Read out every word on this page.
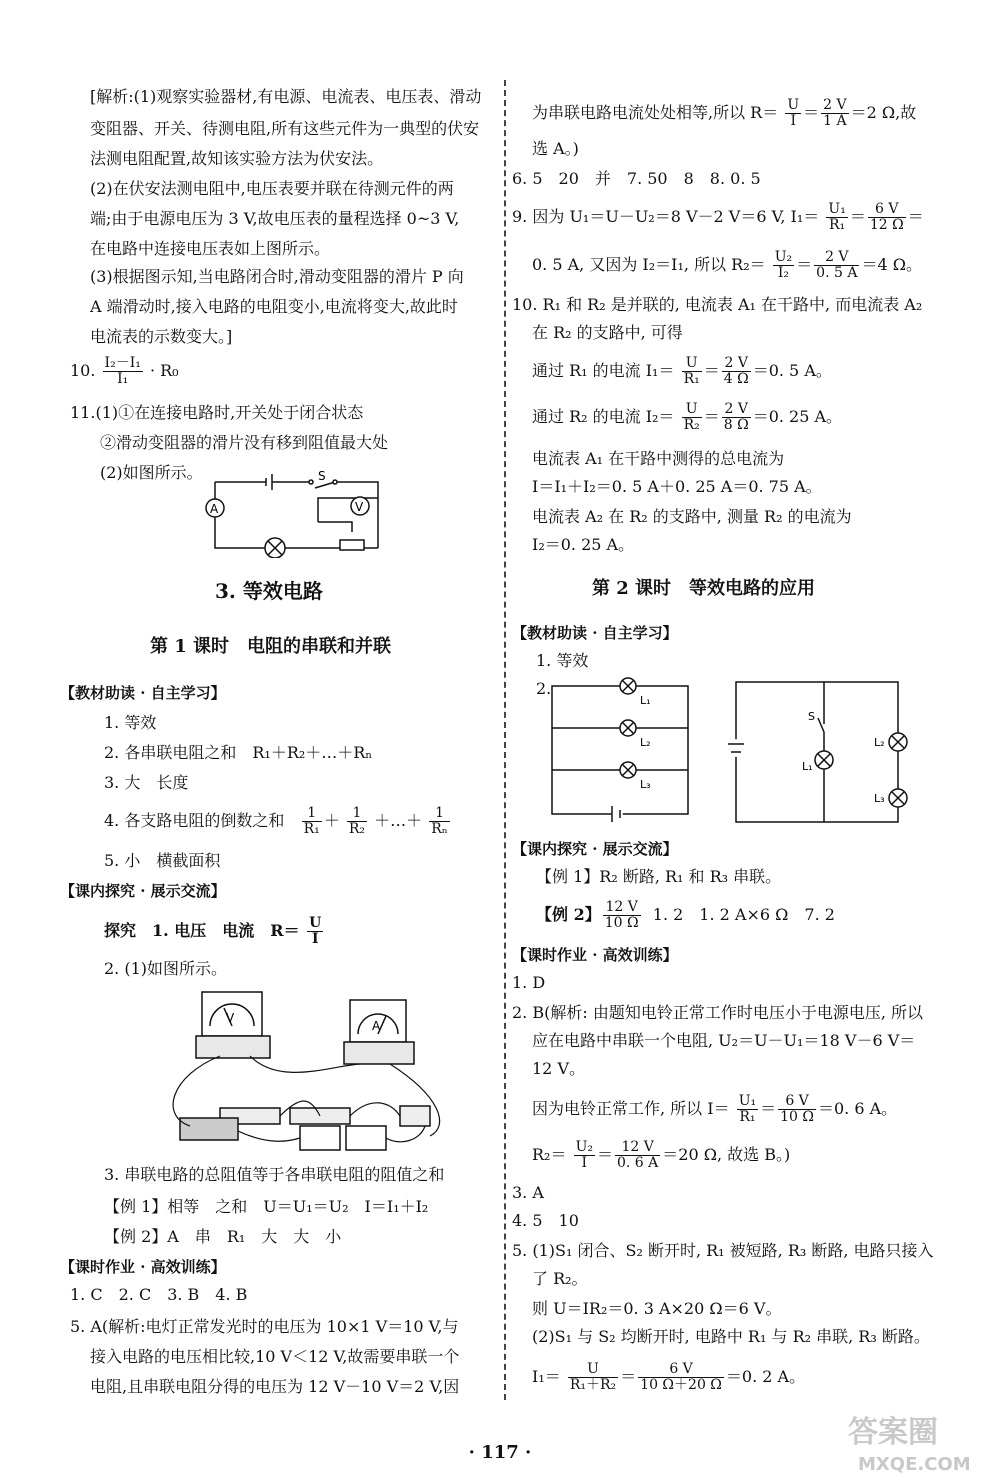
[解析:(1)观察实验器材,有电源、电流表、电压表、滑动
变阻器、开关、待测电阻,所有这些元件为一典型的伏安
法测电阻配置,故知该实验方法为伏安法。
(2)在伏安法测电阻中,电压表要并联在待测元件的两
端;由于电源电压为 3 V,故电压表的量程选择 0~3 V,
在电路中连接电压表如上图所示。
(3)根据图示知,当电路闭合时,滑动变阻器的滑片 P 向
A 端滑动时,接入电路的电阻变小,电流将变大,故此时
电流表的示数变大。]
10. $\frac{\text{I₂－I₁}}{\text{I₁}} \cdot R_0$
11.(1)①在连接电路时,开关处于闭合状态
②滑动变阻器的滑片没有移到阻值最大处
(2)如图所示。
A	V
S
3. 等效电路
第 1 课时　电阻的串联和并联
【教材助读 · 自主学习】
1. 等效
2. 各串联电阻之和　R₁＋R₂＋…＋Rₙ
3. 大　长度
4. 各支路电阻的倒数之和 $\frac{1}{\text{R₁}} + \frac{1}{\text{R₂}}$ ＋…＋ $\frac{1}{\text{Rₙ}}$
5. 小　横截面积
【课内探究 · 展示交流】
探究　1. 电压　电流　$R= \frac{U}{I}$
2. (1)如图所示。
V
A
3. 串联电路的总阻值等于各串联电阻的阻值之和
【例 1】相等　之和　U＝U₁＝U₂　I＝I₁＋I₂
【例 2】A　串　R₁　大　大　小
【课时作业 · 高效训练】
1. C　2. C　3. B　4. B
5. A(解析:电灯正常发光时的电压为 10×1 V＝10 V,与
接入电路的电压相比较,10 V＜12 V,故需要串联一个
电阻,且串联电阻分得的电压为 12 V－10 V＝2 V,因
为串联电路电流处处相等,所以 $R= \frac{U}{I} = \frac{2 V}{1 A} =2$ Ω,故
选 A。)
6. 5　20　并　7. 50　8　8. 0. 5
9. 因为 U₁＝U－U₂＝8 V－2 V＝6 V, $I_1= \frac{\text{U₁}}{\text{R₁}} = \frac{6 V}{12 \Omega}$ ＝
0. 5 A, 又因为 I₂＝I₁, 所以 $R_2= \frac{\text{U₂}}{\text{I₂}} = \frac{2 V}{0. 5 A} =4$ Ω。
10. R₁ 和 R₂ 是并联的, 电流表 A₁ 在干路中, 而电流表 A₂
在 R₂ 的支路中, 可得
通过 R₁ 的电流 $I_1= \frac{U}{\text{R₁}} = \frac{2 V}{4 \Omega} =0$. 5 A。
通过 R₂ 的电流 $I_2= \frac{U}{\text{R₂}} = \frac{2 V}{8 \Omega} =0$. 25 A。
电流表 A₁ 在干路中测得的总电流为
I＝I₁＋I₂＝0. 5 A＋0. 25 A＝0. 75 A。
电流表 A₂ 在 R₂ 的支路中, 测量 R₂ 的电流为
I₂＝0. 25 A。
第 2 课时　等效电路的应用
【教材助读 · 自主学习】
1. 等效
2.
L₁
L₂
L₃
S
L₁
L₂
L₃
【课内探究 · 展示交流】
【例 1】R₂ 断路, R₁ 和 R₃ 串联。
【例 2】 $\frac{12 V}{10 \Omega} 1$. 2　1. 2 A×6 Ω　7. 2
【课时作业 · 高效训练】
1. D
2. B(解析: 由题知电铃正常工作时电压小于电源电压, 所以
应在电路中串联一个电阻, U₂＝U－U₁＝18 V－6 V＝
12 V。
因为电铃正常工作, 所以 $I= \frac{\text{U₁}}{\text{R₁}} = \frac{6 V}{10 \Omega} =0$. 6 A。
$R_2= \frac{\text{U₂}}{I} = \frac{12 V}{0. 6 A} =20$ Ω, 故选 B。)
3. A
4. 5　10
5. (1)S₁ 闭合、S₂ 断开时, R₁ 被短路, R₃ 断路, 电路只接入
了 R₂。
则 U＝IR₂＝0. 3 A×20 Ω＝6 V。
(2)S₁ 与 S₂ 均断开时, 电路中 R₁ 与 R₂ 串联, R₃ 断路。
$I_1= \frac{U}{\text{R₁＋R₂}} = \frac{6 V}{10 \Omega+20 \Omega} =0$. 2 A。
· 117 ·
答案圈
MXQE.COM
